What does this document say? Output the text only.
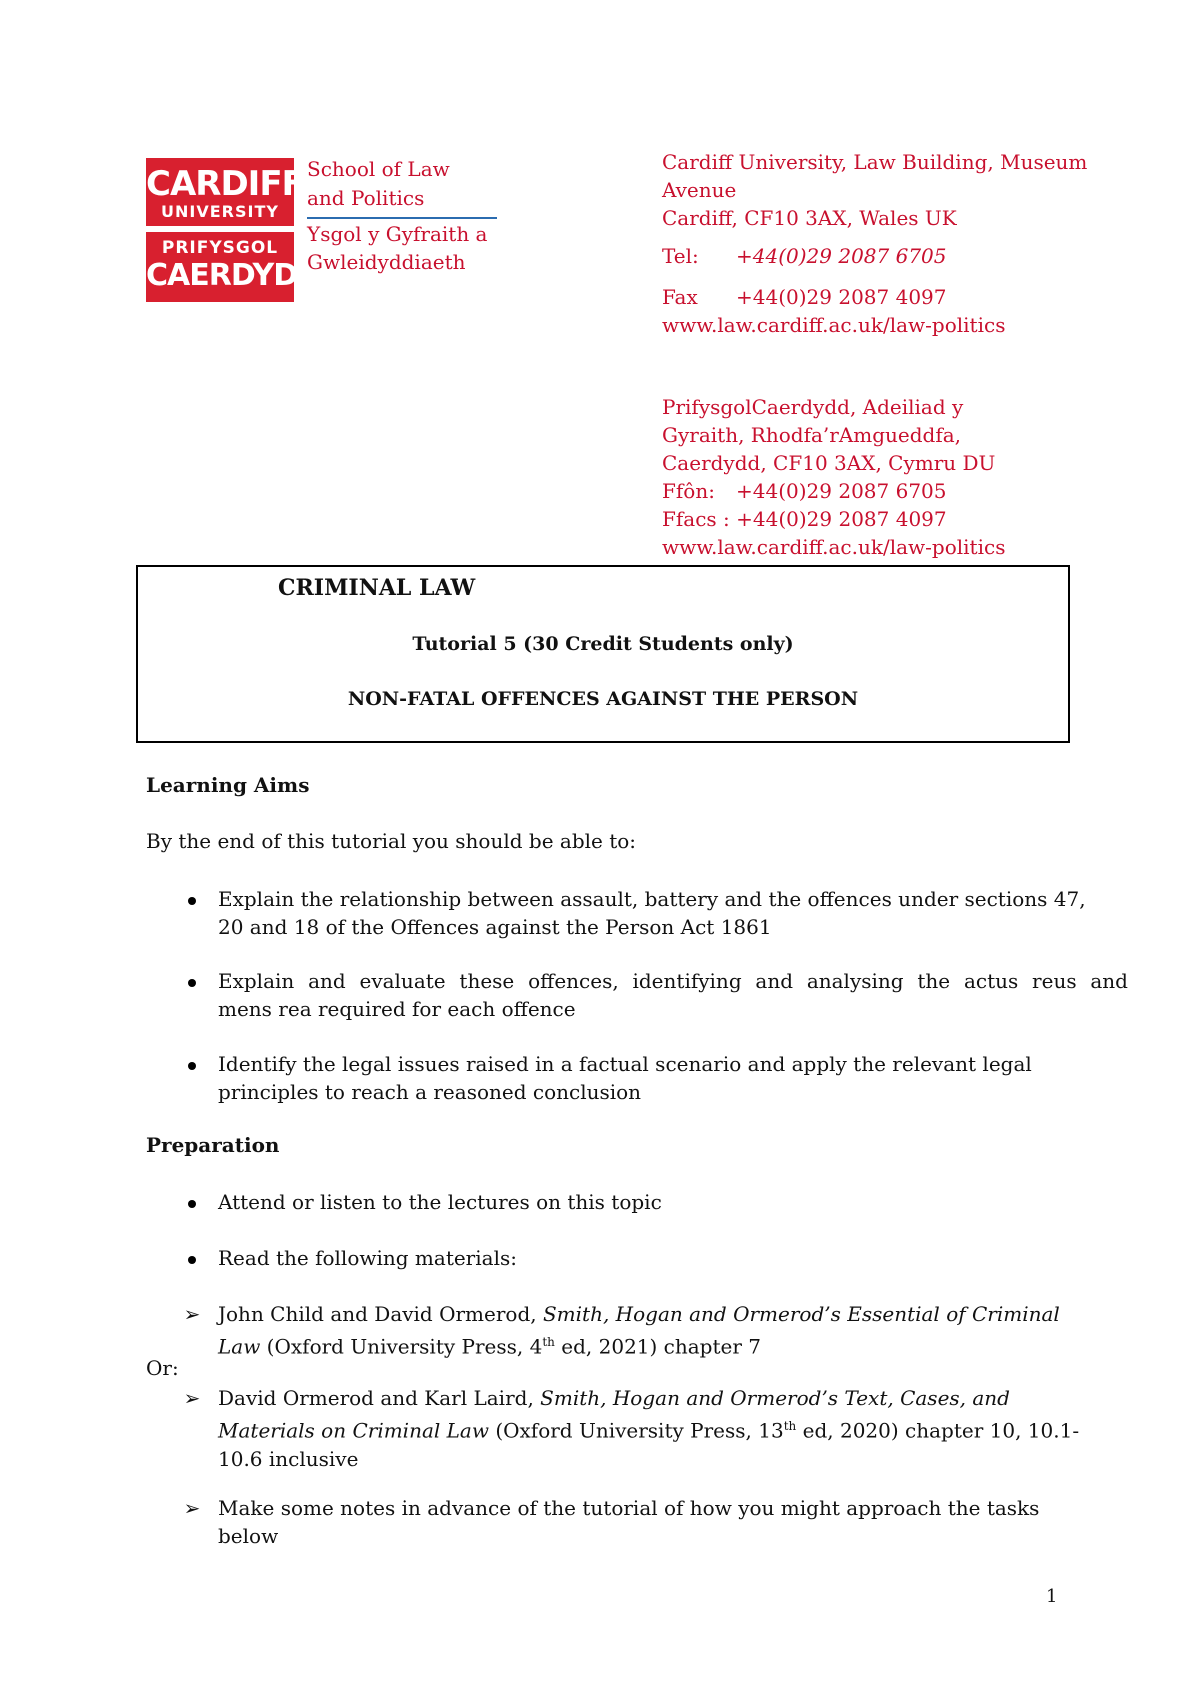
CARDIFF
UNIVERSITY
PRIFYSGOL
CAERDYDD
School of Law
and Politics
Ysgol y Gyfraith a
Gwleidyddiaeth
Cardiff University, Law Building, Museum
Avenue
Cardiff, CF10 3AX, Wales UK
Tel:	+44(0)29 2087 6705
Fax	+44(0)29 2087 4097
www.law.cardiff.ac.uk/law-politics
PrifysgolCaerdydd, Adeiliad y
Gyraith, Rhodfa’rAmgueddfa,
Caerdydd, CF10 3AX, Cymru DU
Ffôn:	+44(0)29 2087 6705
Ffacs : +44(0)29 2087 4097
www.law.cardiff.ac.uk/law-politics
CRIMINAL LAW
Tutorial 5 (30 Credit Students only)
NON-FATAL OFFENCES AGAINST THE PERSON
Learning Aims
By the end of this tutorial you should be able to:
Explain the relationship between assault, battery and the offences under sections 47,
20 and 18 of the Offences against the Person Act 1861
Explain and evaluate these offences, identifying and analysing the actus reus and
mens rea required for each offence
Identify the legal issues raised in a factual scenario and apply the relevant legal
principles to reach a reasoned conclusion
Preparation
Attend or listen to the lectures on this topic
Read the following materials:
➢ John Child and David Ormerod, Smith, Hogan and Ormerod’s Essential of Criminal
Law (Oxford University Press, 4th ed, 2021) chapter 7
Or:
➢ David Ormerod and Karl Laird, Smith, Hogan and Ormerod’s Text, Cases, and
Materials on Criminal Law (Oxford University Press, 13th ed, 2020) chapter 10, 10.1-
10.6 inclusive
➢ Make some notes in advance of the tutorial of how you might approach the tasks
below
1
